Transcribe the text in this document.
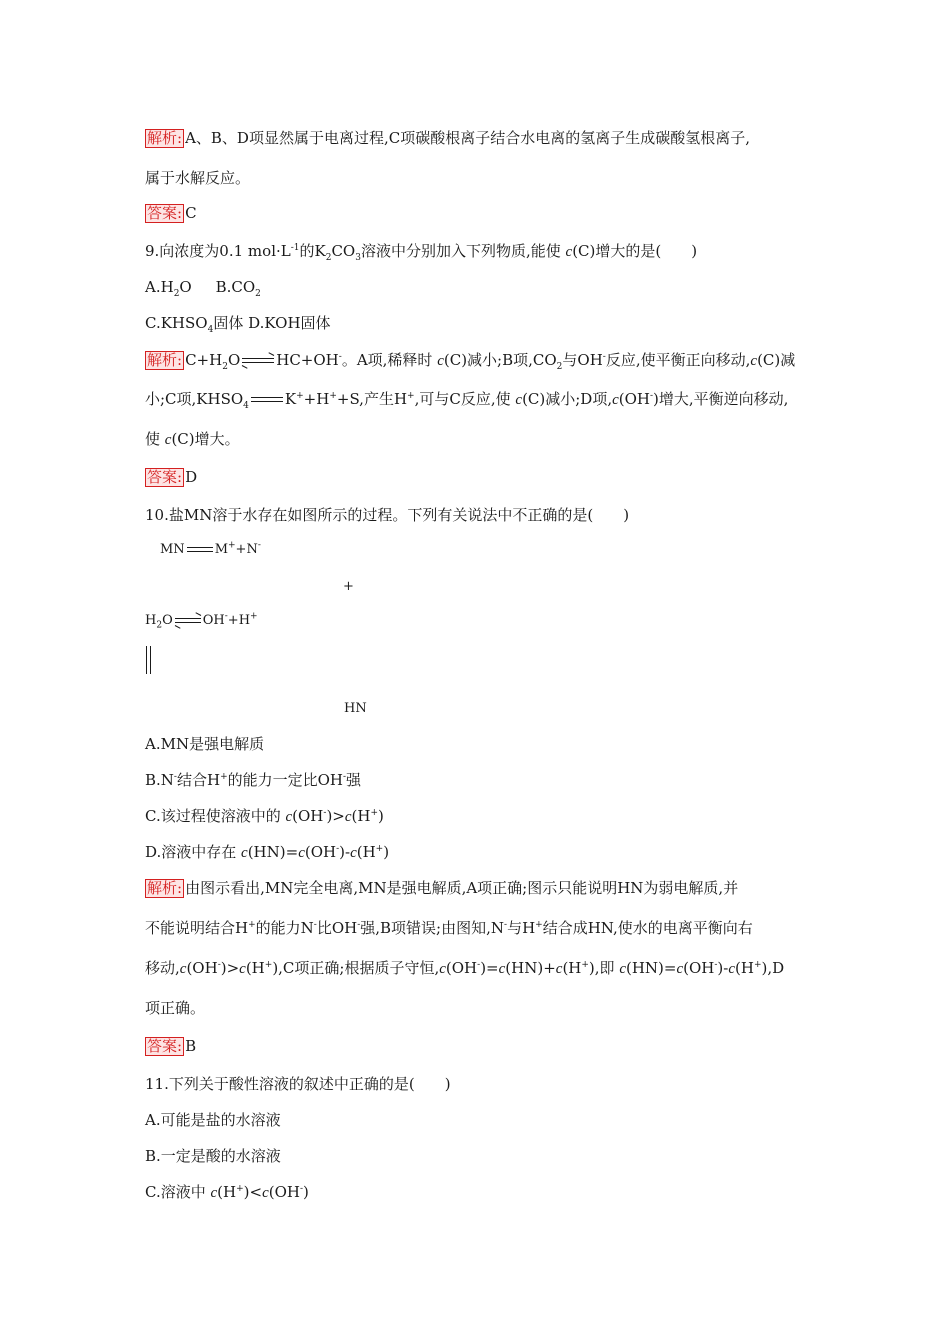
解析: A、B、D项显然属于电离过程,C项碳酸根离子结合水电离的氢离子生成碳酸氢根离子,
属于水解反应。
答案: C
9.向浓度为0.1 $mol\cdot L^{-1}$的$K_2CO_3$溶液中分别加入下列物质,能使 c(C)增大的是(　　)
$A.H_2O$ $B.CO_2$
$C.KHSO_4$固体 D.KOH固体
解析: $C+H_2O$ HC+OH-。A项,稀释时 c(C)减小;B项$,CO_2$与OH-反应,使平衡正向移动,c(C)减
小;C项$,KHSO_4$ K++H++S,产生H+,可与C反应,使 c(C)减小;D项,c(OH-)增大,平衡逆向移动,
使 c(C)增大。
答案: D
10.盐MN溶于水存在如图所示的过程。下列有关说法中不正确的是(　　)
MN M++N-
+
$H_2O$ OH-+H+
HN
A.MN是强电解质
B.N-结合H+的能力一定比OH-强
C.该过程使溶液中的 c(OH-)>c(H+)
D.溶液中存在 c(HN)=c(OH-)-c(H+)
解析: 由图示看出,MN完全电离,MN是强电解质,A项正确;图示只能说明HN为弱电解质,并
不能说明结合H+的能力N-比OH-强,B项错误;由图知,N-与H+结合成HN,使水的电离平衡向右
移动,c(OH-)>c(H+),C项正确;根据质子守恒,c(OH-)=c(HN)+c(H+),即 c(HN)=c(OH-)-c(H+),D
项正确。
答案: B
11.下列关于酸性溶液的叙述中正确的是(　　)
A.可能是盐的水溶液
B.一定是酸的水溶液
C.溶液中 c(H+)<c(OH-)
